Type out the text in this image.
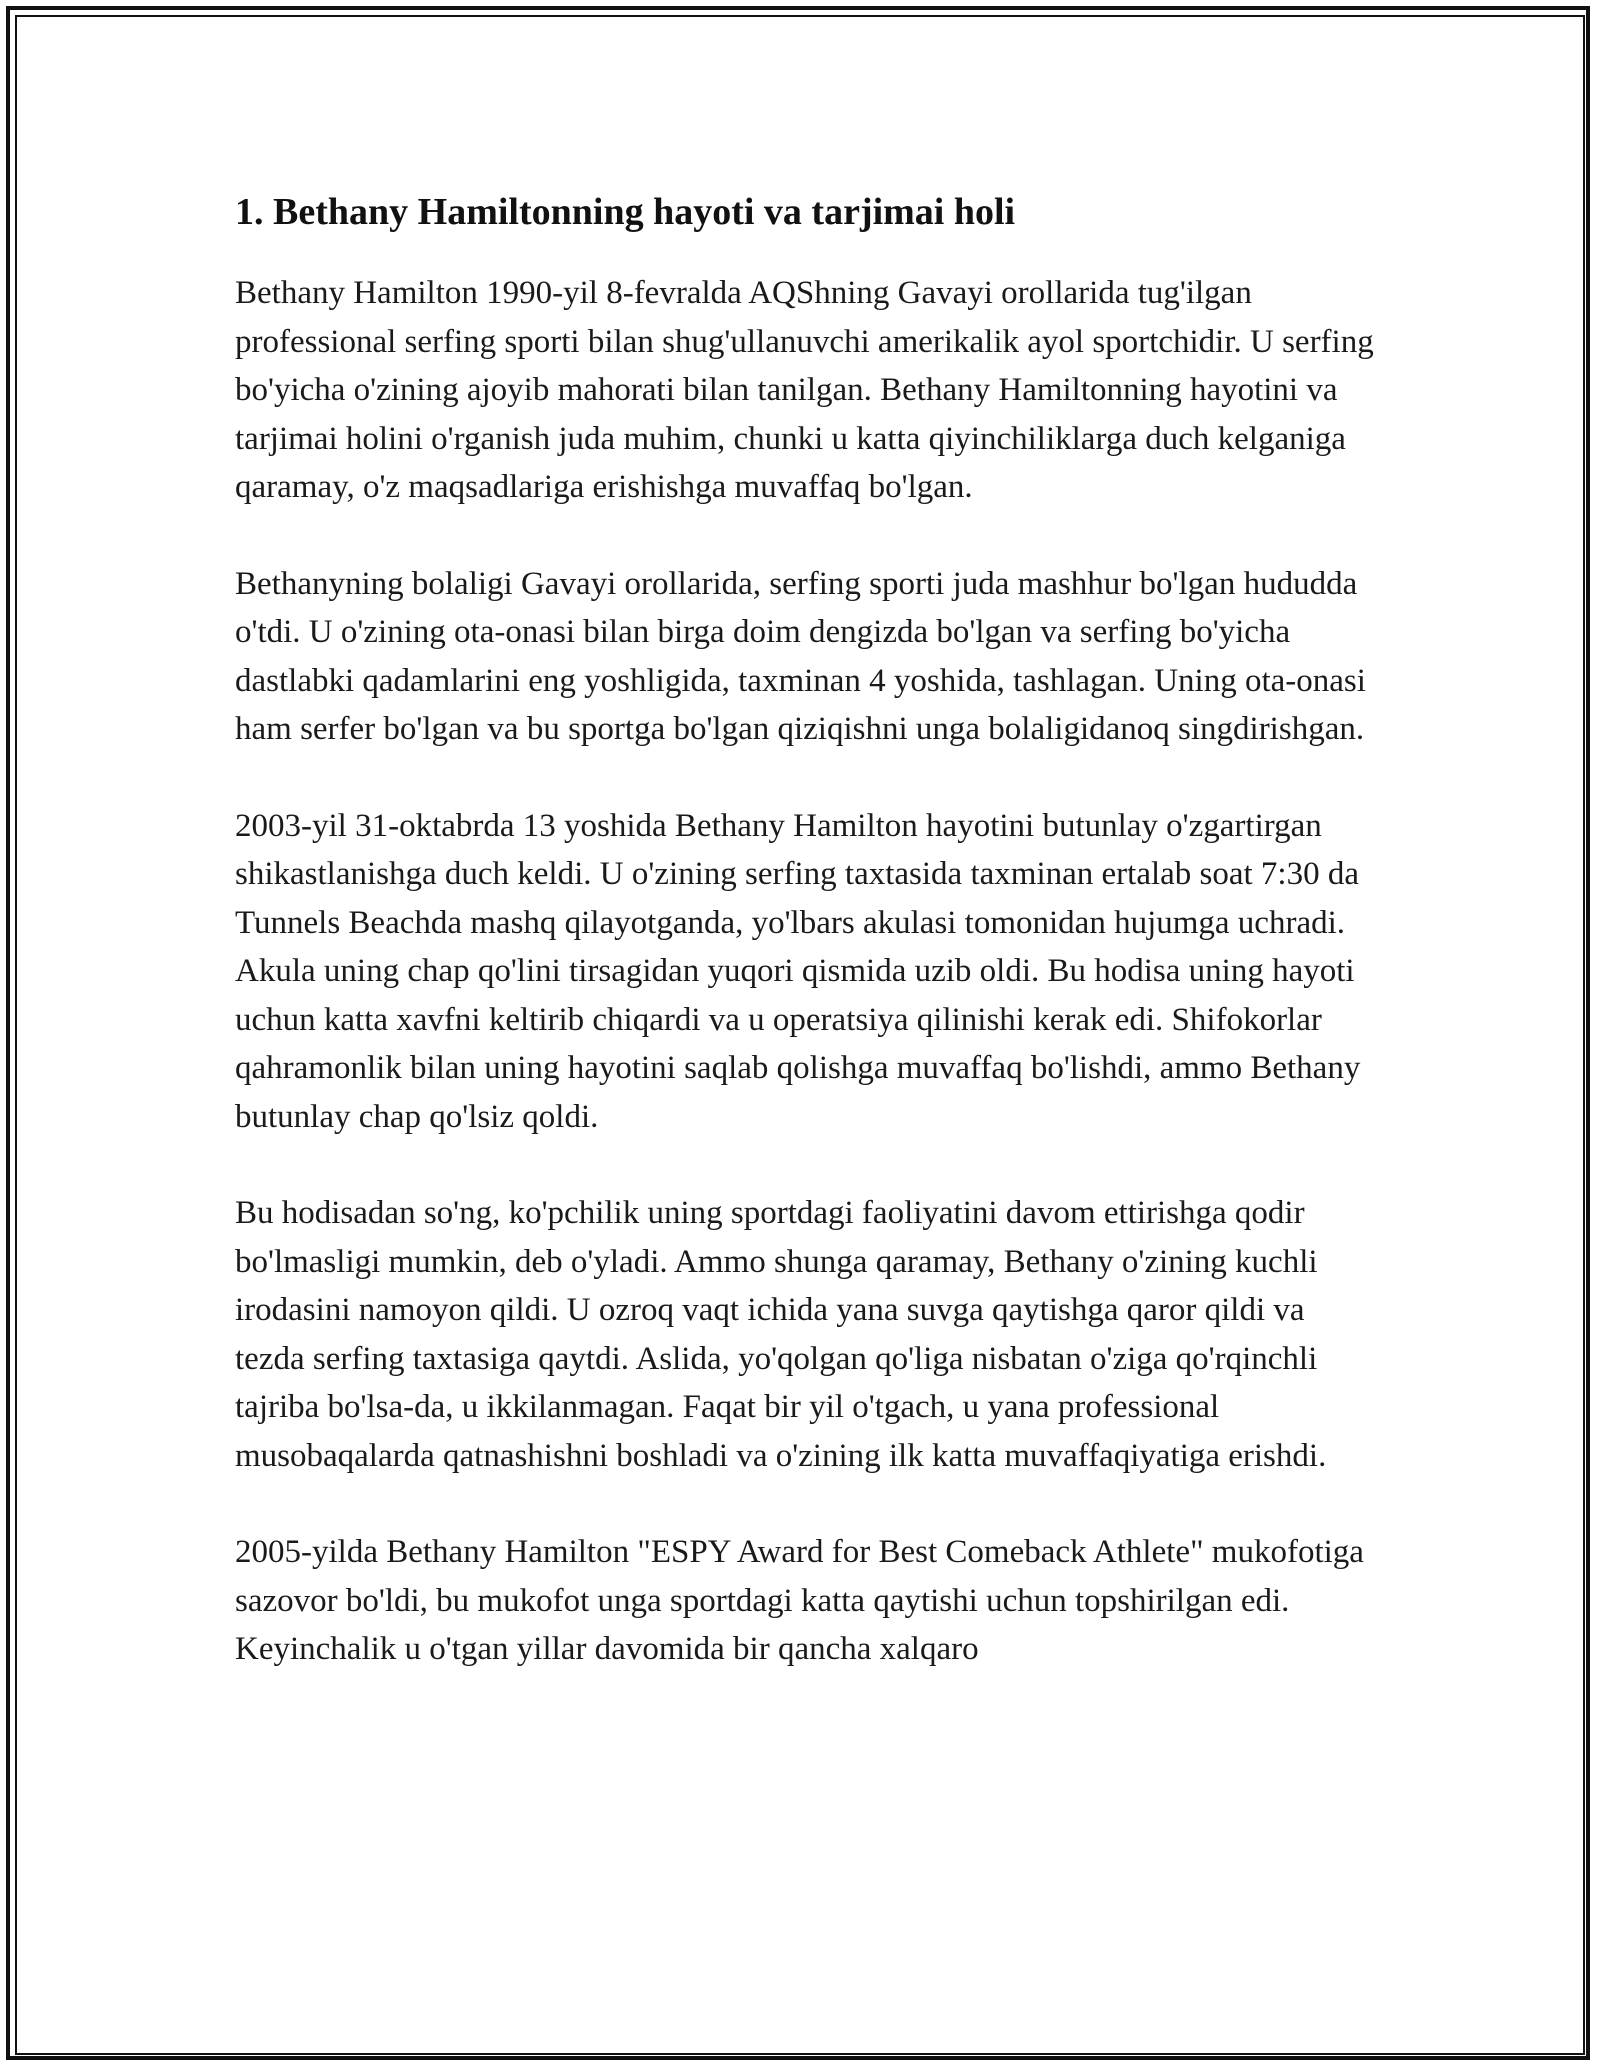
1. Bethany Hamiltonning hayoti va tarjimai holi

Bethany Hamilton 1990-yil 8-fevralda AQShning Gavayi orollarida tug'ilgan professional serfing sporti bilan shug'ullanuvchi amerikalik ayol sportchidir. U serfing bo'yicha o'zining ajoyib mahorati bilan tanilgan. Bethany Hamiltonning hayotini va tarjimai holini o'rganish juda muhim, chunki u katta qiyinchiliklarga duch kelganiga qaramay, o'z maqsadlariga erishishga muvaffaq bo'lgan.

Bethanyning bolaligi Gavayi orollarida, serfing sporti juda mashhur bo'lgan hududda o'tdi. U o'zining ota-onasi bilan birga doim dengizda bo'lgan va serfing bo'yicha dastlabki qadamlarini eng yoshligida, taxminan 4 yoshida, tashlagan. Uning ota-onasi ham serfer bo'lgan va bu sportga bo'lgan qiziqishni unga bolaligidanoq singdirishgan.

2003-yil 31-oktabrda 13 yoshida Bethany Hamilton hayotini butunlay o'zgartirgan shikastlanishga duch keldi. U o'zining serfing taxtasida taxminan ertalab soat 7:30 da Tunnels Beachda mashq qilayotganda, yo'lbars akulasi tomonidan hujumga uchradi. Akula uning chap qo'lini tirsagidan yuqori qismida uzib oldi. Bu hodisa uning hayoti uchun katta xavfni keltirib chiqardi va u operatsiya qilinishi kerak edi. Shifokorlar qahramonlik bilan uning hayotini saqlab qolishga muvaffaq bo'lishdi, ammo Bethany butunlay chap qo'lsiz qoldi.

Bu hodisadan so'ng, ko'pchilik uning sportdagi faoliyatini davom ettirishga qodir bo'lmasligi mumkin, deb o'yladi. Ammo shunga qaramay, Bethany o'zining kuchli irodasini namoyon qildi. U ozroq vaqt ichida yana suvga qaytishga qaror qildi va tezda serfing taxtasiga qaytdi. Aslida, yo'qolgan qo'liga nisbatan o'ziga qo'rqinchli tajriba bo'lsa-da, u ikkilanmagan. Faqat bir yil o'tgach, u yana professional musobaqalarda qatnashishni boshladi va o'zining ilk katta muvaffaqiyatiga erishdi.

2005-yilda Bethany Hamilton "ESPY Award for Best Comeback Athlete" mukofotiga sazovor bo'ldi, bu mukofot unga sportdagi katta qaytishi uchun topshirilgan edi. Keyinchalik u o'tgan yillar davomida bir qancha xalqaro
